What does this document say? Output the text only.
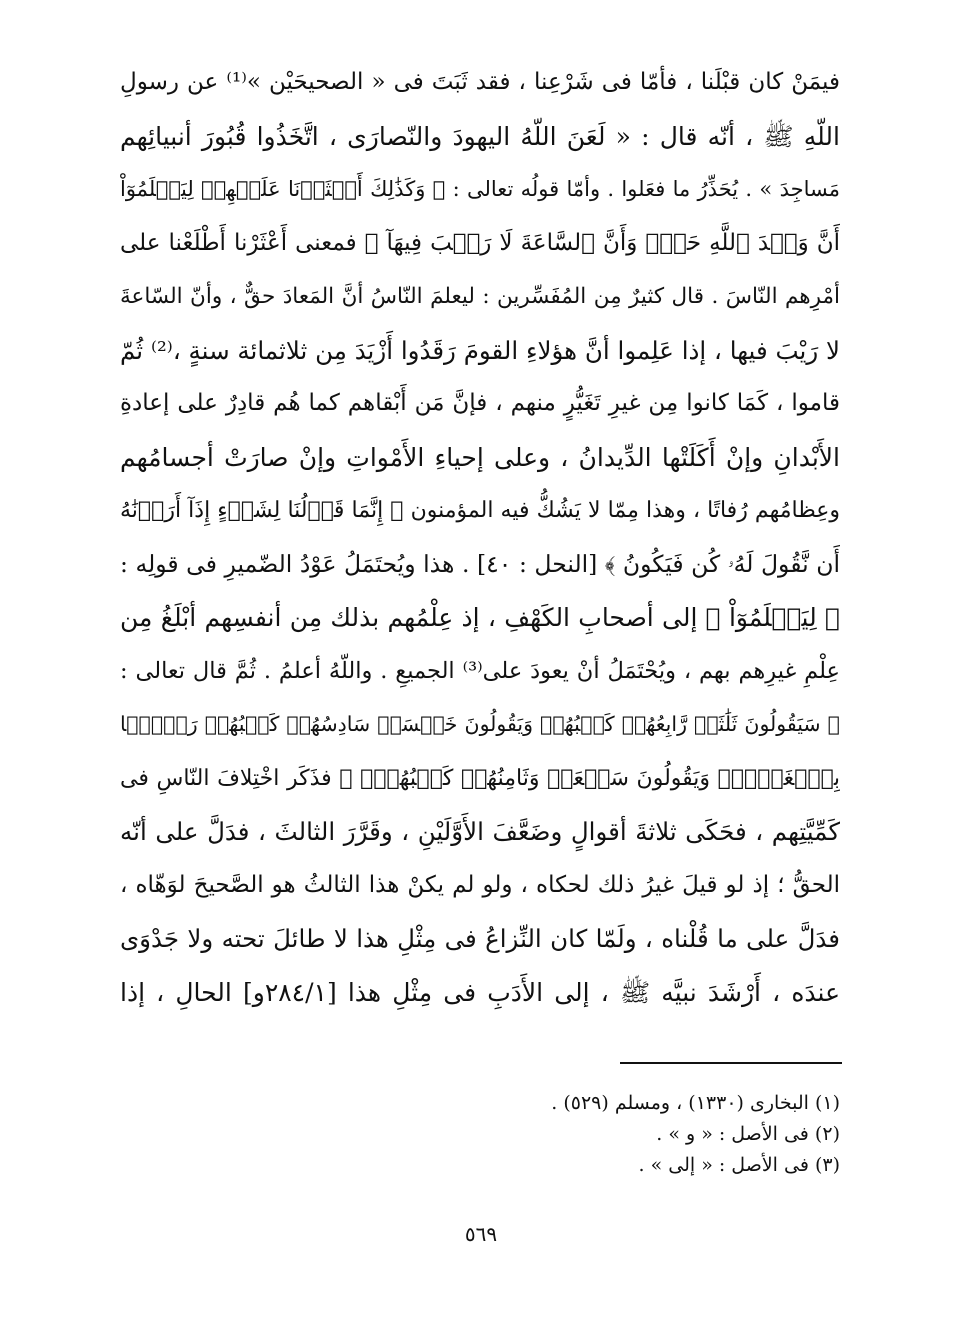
فيمَنْ كان قبْلَنا ، فأمّا فى شَرْعِنا ، فقد ثَبَتَ فى « الصحيحَيْن »⁽¹⁾ عن رسولِ
اللّهِ ﷺ ، أنّه قال : « لَعَنَ اللّهُ اليهودَ والنّصارَى ، اتَّخَذُوا قُبُورَ أنبيائِهم
مَساجِدَ » . يُحَذِّرُ ما فعَلوا . وأمّا قولُه تعالى : ﴿ وَكَذَٰلِكَ أَعۡثَرۡنَا عَلَيۡهِمۡ لِيَعۡلَمُوٓاْ
أَنَّ وَعۡدَ ٱللَّهِ حَقّٞ وَأَنَّ ٱلسَّاعَةَ لَا رَيۡبَ فِيهَآ ﴾ فمعنى أَعْثَرْنا أَطْلَعْنا على
أمْرِهم النّاسَ . قال كثيرٌ مِن المُفَسِّرين : ليعلمَ النّاسُ أنَّ المَعادَ حقٌّ ، وأنّ السّاعةَ
لا رَيْبَ فيها ، إذا عَلِموا أنَّ هؤلاءِ القومَ رَقَدُوا أَزْيَدَ مِن ثلاثمائة سنةٍ ،⁽²⁾ ثُمّ
قاموا ، كَمَا كانوا مِن غيرِ تَغَيُّرٍ منهم ، فإنَّ مَن أَبْقاهم كما هُم قادِرٌ على إعادةِ
الأَبْدانِ وإنْ أَكَلَتْها الدِّيدانُ ، وعلى إحياءِ الأَمْواتِ وإنْ صارَتْ أجسامُهم
وعِظامُهم رُفاتًا ، وهذا مِمّا لا يَشُكُّ فيه المؤمنون ﴿ إِنَّمَا قَوۡلُنَا لِشَيۡءٍ إِذَآ أَرَدۡنَٰهُ
أَن نَّقُولَ لَهُۥ كُن فَيَكُونُ ﴾ [النحل : ٤٠] . هذا ويُحتَمَلُ عَوْدُ الضّميرِ فى قولِه :
﴿ لِيَعۡلَمُوٓاْ ﴾ إلى أصحابِ الكَهْفِ ، إذ عِلْمُهم بذلك مِن أنفسِهم أبْلَغُ مِن
عِلْمِ غيرِهم بهم ، ويُحْتَمَلُ أنْ يعودَ على⁽³⁾ الجميعِ . واللّهُ أعلمُ . ثُمَّ قال تعالى :
﴿ سَيَقُولُونَ ثَلَٰثَةٞ رَّابِعُهُمۡ كَلۡبُهُمۡ وَيَقُولُونَ خَمۡسَةٞ سَادِسُهُمۡ كَلۡبُهُمۡ رَجۡمَۢا
بِٱلۡغَيۡبِۖ وَيَقُولُونَ سَبۡعَةٞ وَثَامِنُهُمۡ كَلۡبُهُمۡۚ ﴾ فذَكَر اخْتِلافَ النّاسِ فى
كَمِّيَّتِهم ، فحَكَى ثلاثةَ أقوالٍ وضَعَّفَ الأَوَّلَيْنِ ، وقَرَّرَ الثالثَ ، فدَلَّ على أنّه
الحقُّ ؛ إذ لو قيلَ غيرُ ذلك لحكاه ، ولو لم يكنْ هذا الثالثُ هو الصَّحيحَ لوَهّاه ،
فدَلَّ على ما قُلْناه ، ولَمّا كان النِّزاعُ فى مِثْلِ هذا لا طائلَ تحته ولا جَدْوَى
عندَه ، أَرْشَدَ نبيَّه ﷺ ، إلى الأَدَبِ فى مِثْلِ هذا [٢٨٤/١و] الحالِ ، إذا
(١) البخارى (١٣٣٠) ، ومسلم (٥٢٩) .
(٢) فى الأصل : « و » .
(٣) فى الأصل : « إلى » .
٥٦٩
